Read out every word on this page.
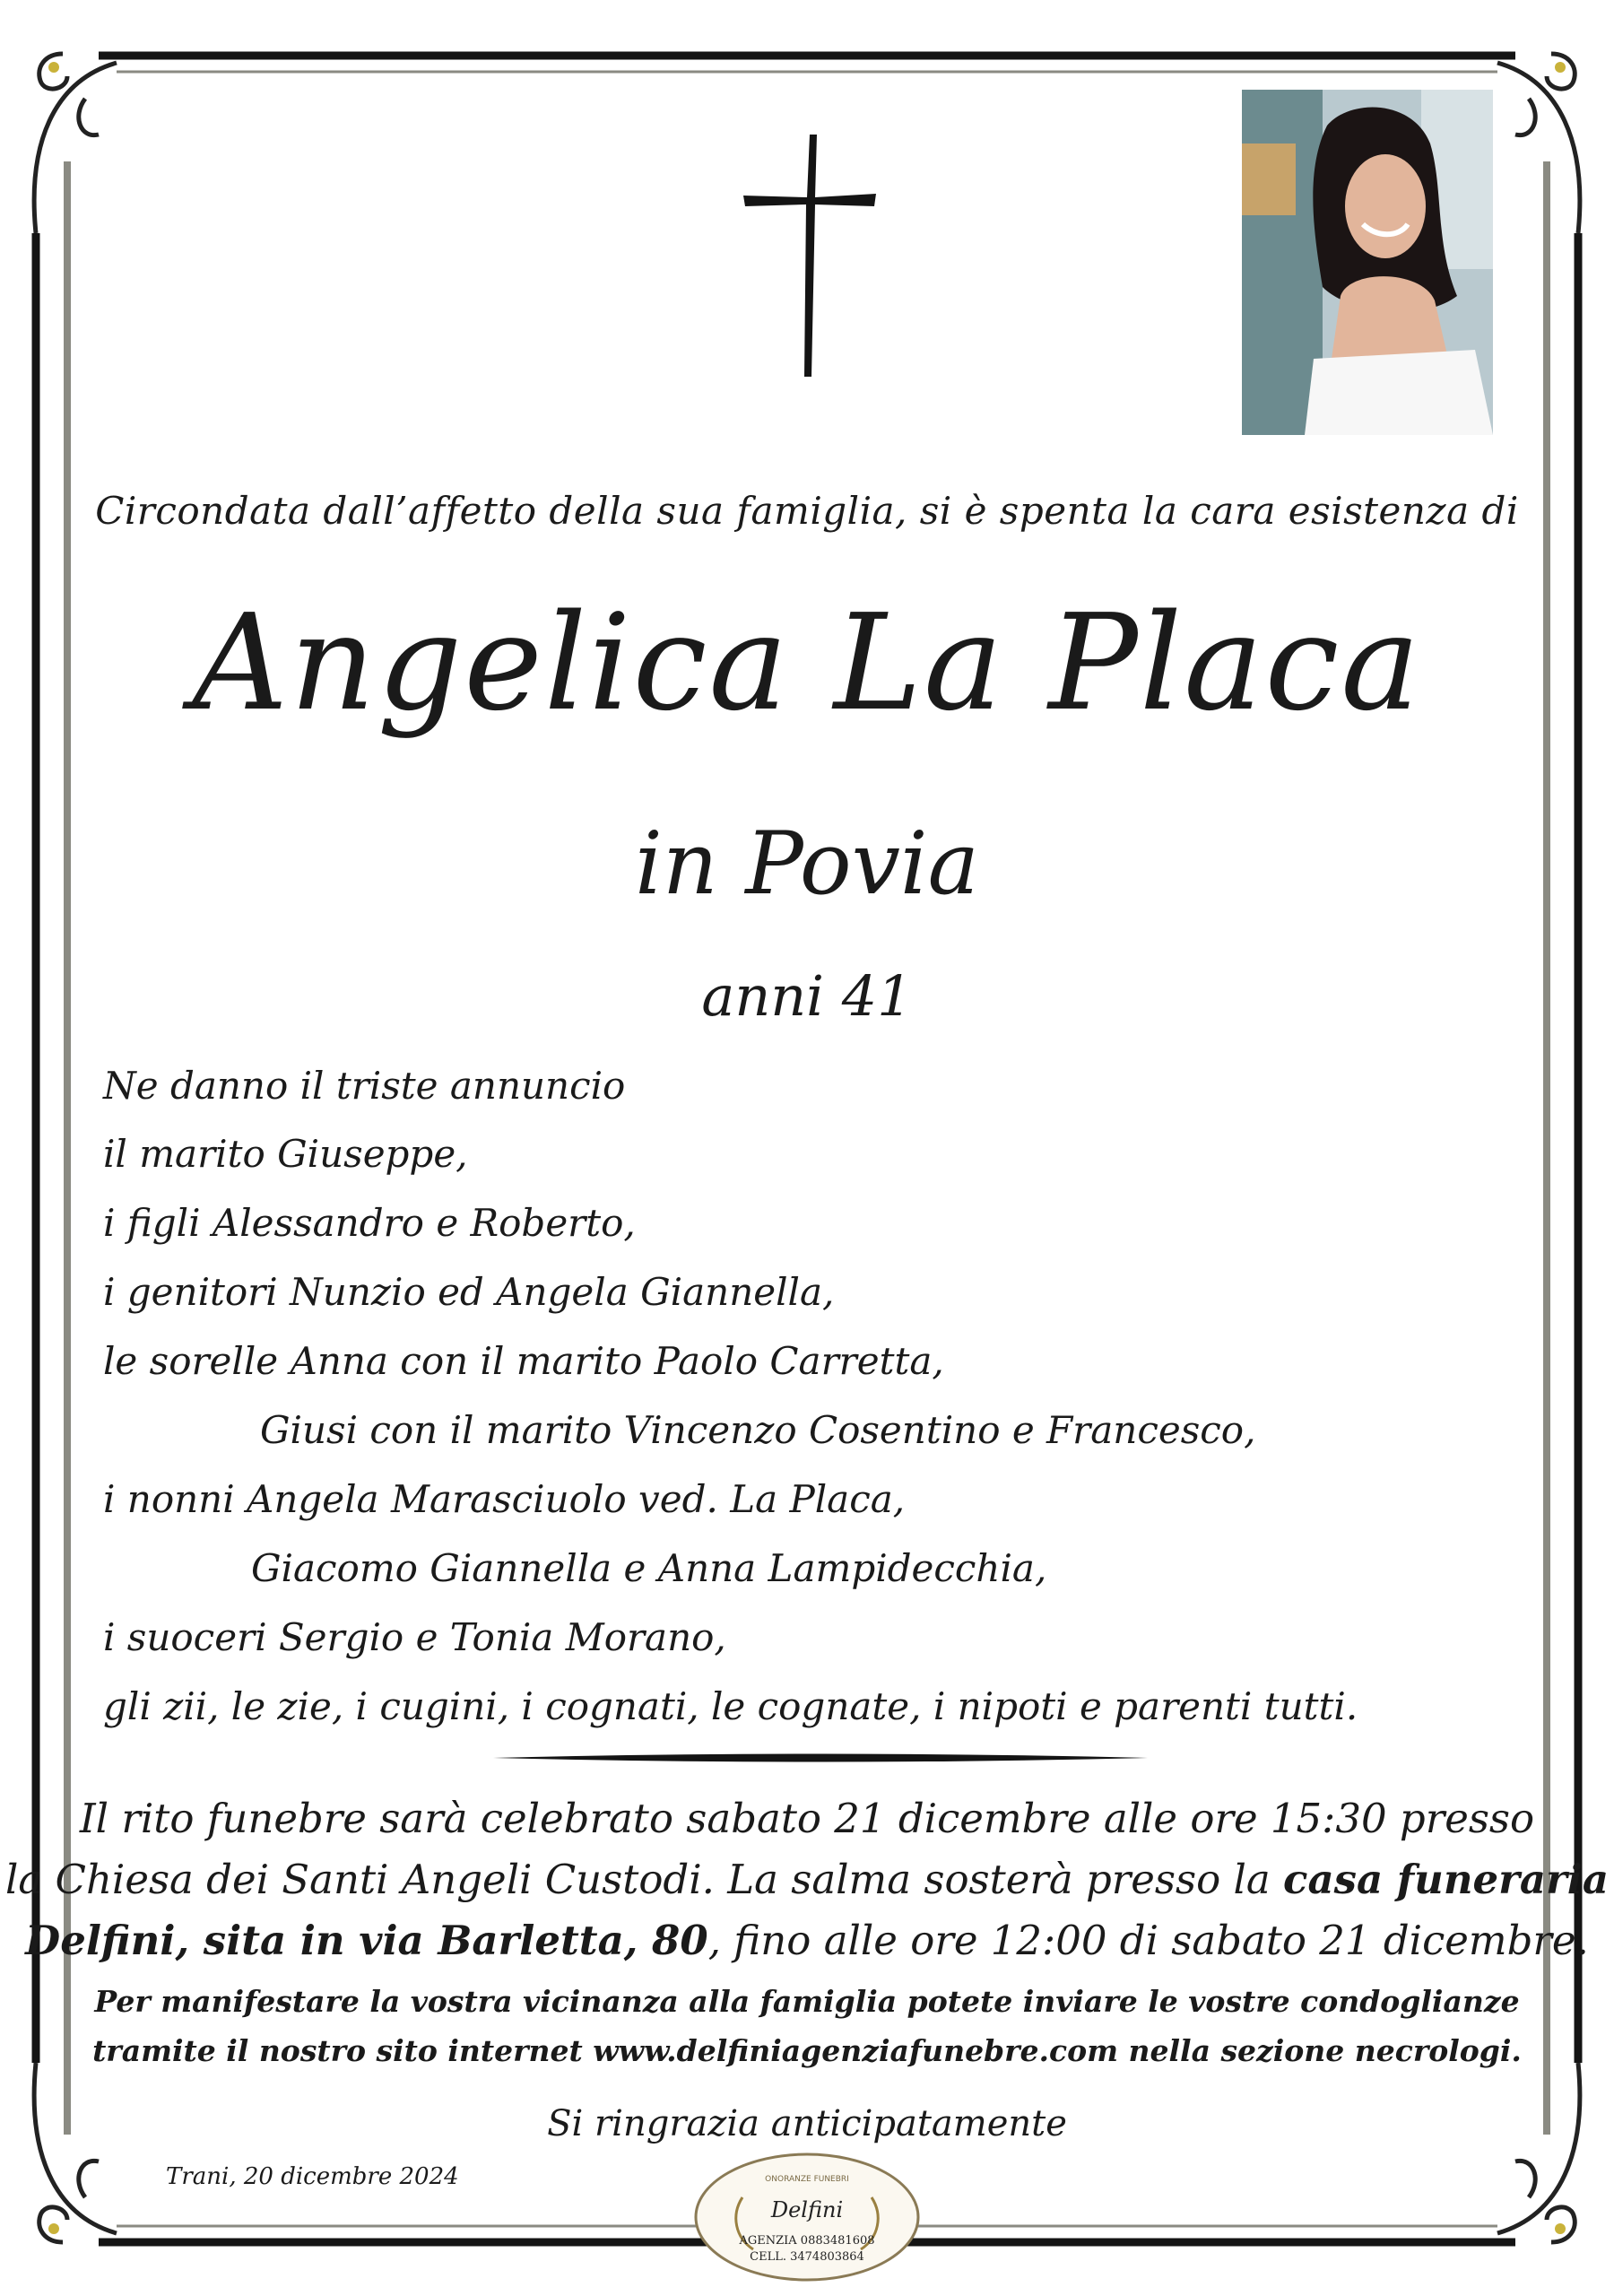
Circondata dall’affetto della sua famiglia, si è spenta la cara esistenza di
Angelica La Placa
in Povia
anni 41
Ne danno il triste annuncio
il marito Giuseppe,
i figli Alessandro e Roberto,
i genitori Nunzio ed Angela Giannella,
le sorelle Anna con il marito Paolo Carretta,
Giusi con il marito Vincenzo Cosentino e Francesco,
i nonni Angela Marasciuolo ved. La Placa,
Giacomo Giannella e Anna Lampidecchia,
i suoceri Sergio e Tonia Morano,
gli zii, le zie, i cugini, i cognati, le cognate, i nipoti e parenti tutti.
Il rito funebre sarà celebrato sabato 21 dicembre alle ore 15:30 presso
la Chiesa dei Santi Angeli Custodi. La salma sosterà presso la casa funeraria
Delfini, sita in via Barletta, 80, fino alle ore 12:00 di sabato 21 dicembre.
Per manifestare la vostra vicinanza alla famiglia potete inviare le vostre condoglianze
tramite il nostro sito internet www.delfiniagenziafunebre.com nella sezione necrologi.
Si ringrazia anticipatamente
Trani, 20 dicembre 2024	ONORANZE FUNEBRI
Delfini
AGENZIA 0883481608
CELL. 3474803864
